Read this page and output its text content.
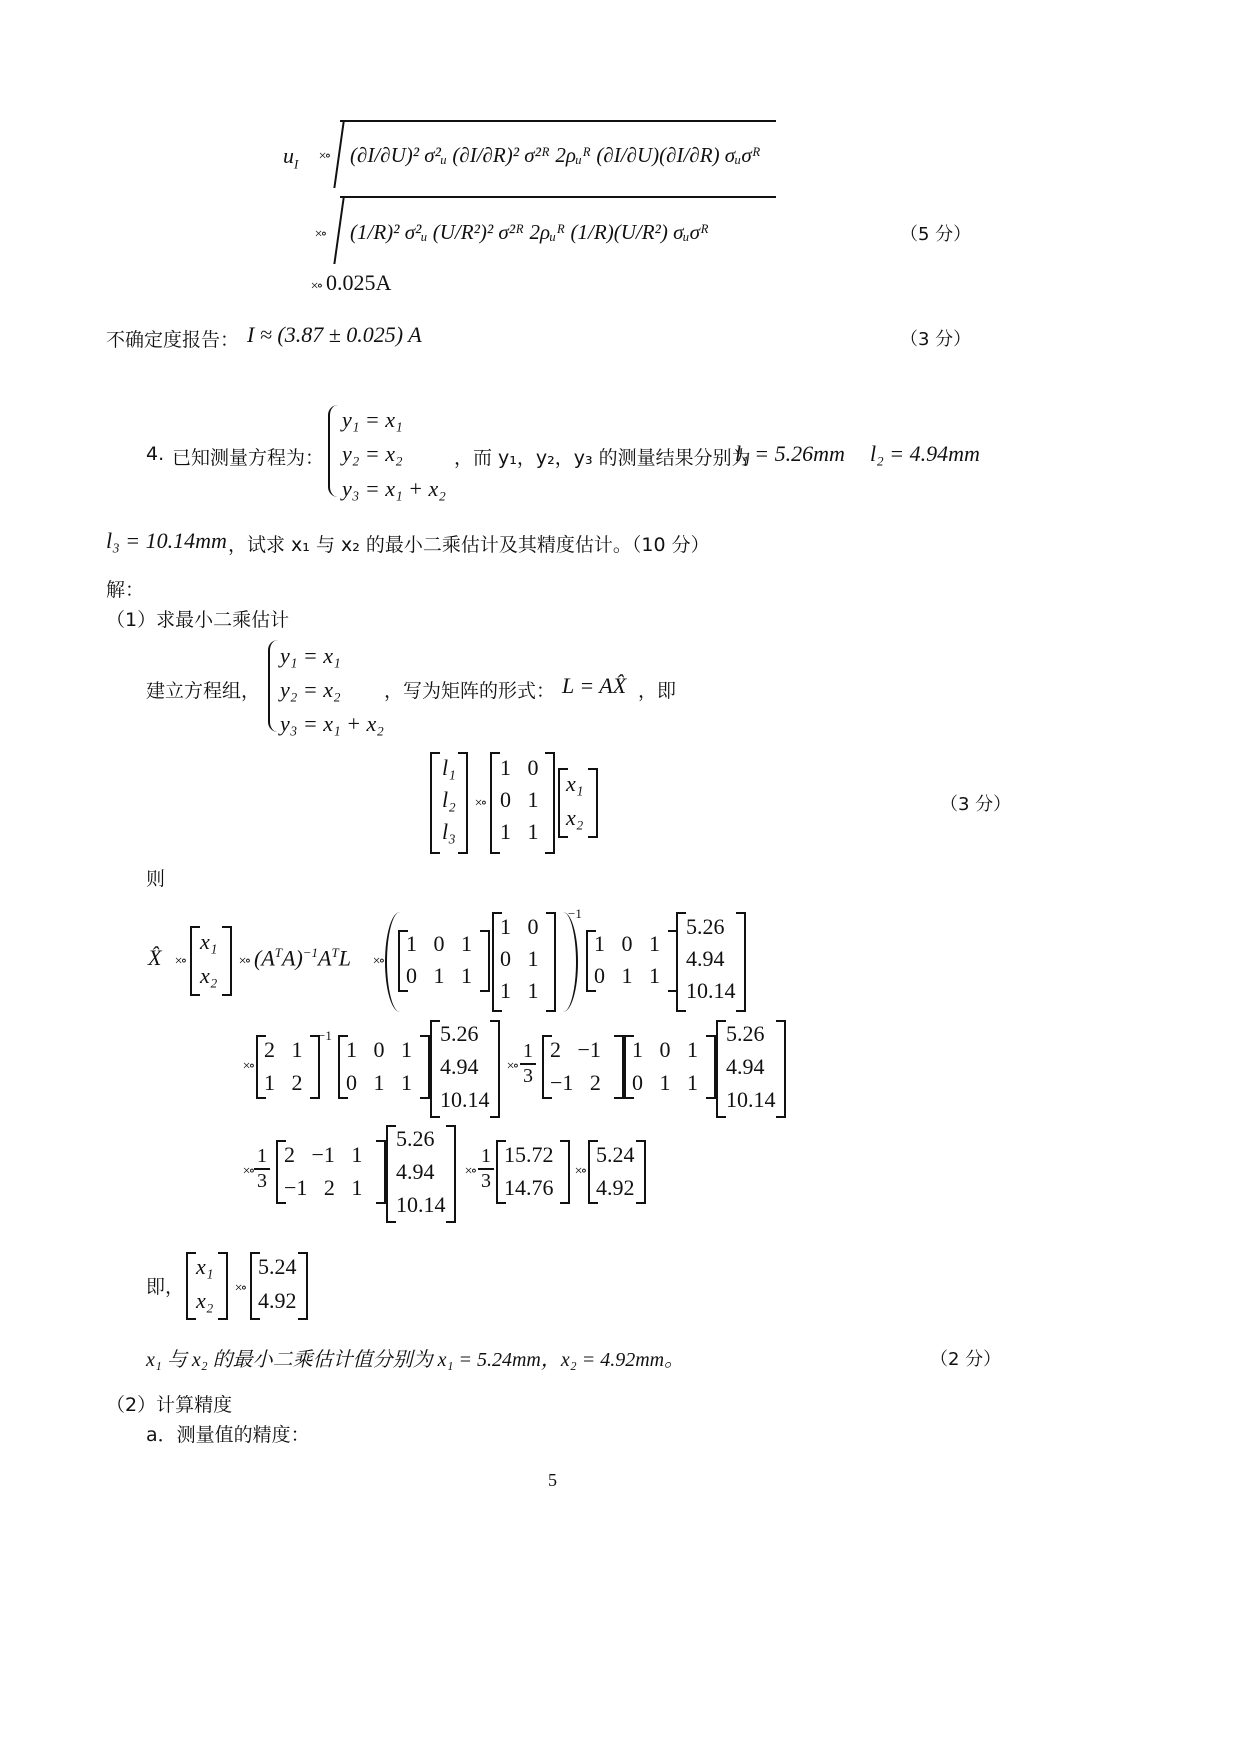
$u_I$	×∘ (∂I/∂U)² σ²ᵤ (∂I/∂R)² σ²ᴿ 2ρᵤᴿ (∂I/∂U)(∂I/∂R) σᵤσᴿ
×∘ (1/R)² σ²ᵤ (U/R²)² σ²ᴿ 2ρᵤᴿ (1/R)(U/R²) σᵤσᴿ	（5 分）
×∘ 0.025A
不确定度报告： I ≈ (3.87 ± 0.025) A	（3 分）
4. 已知测量方程为：
y₁ = x₁
y₂ = x₂
y₃ = x₁ + x₂
，而 y₁，y₂，y₃ 的测量结果分别为
l₁ = 5.26mm l₂ = 4.94mm
l₃ = 10.14mm ，试求 x₁ 与 x₂ 的最小二乘估计及其精度估计。（10 分）
解：
（1）求最小二乘估计
建立方程组，
y₁ = x₁
y₂ = x₂
y₃ = x₁ + x₂
，写为矩阵的形式： L = AX̂ ，即
l₁
l₂
l₃
×∘
1   0
0   1
1   1
x₁
x₂
（3 分）
则
X̂ ×∘
x₁
x₂
×∘ $(A^TA)^{-1}A^TL$	×∘
1   0   1
0   1   1
1   0
0   1
1   1
−1
1   0   1
0   1   1
5.26
4.94
10.14
×∘
2   1
1   2
−1
1   0   1
0   1   1
5.26
4.94
10.14
×∘ $\frac{1}{3} 2 -1$
−1   2
1   0   1
0   1   1
5.26
4.94
10.14
×∘ $\frac{1}{3} 2 -1$   1
−1   2   1
5.26
4.94
10.14
×∘ $\frac{1}{3} 15.72$
14.76
×∘
5.24
4.92
即，
x₁
x₂	×∘
5.24
4.92
x₁ 与 x₂ 的最小二乘估计值分别为 x₁ = 5.24mm，x₂ = 4.92mm。	（2 分）
（2）计算精度
a．测量值的精度：
5
